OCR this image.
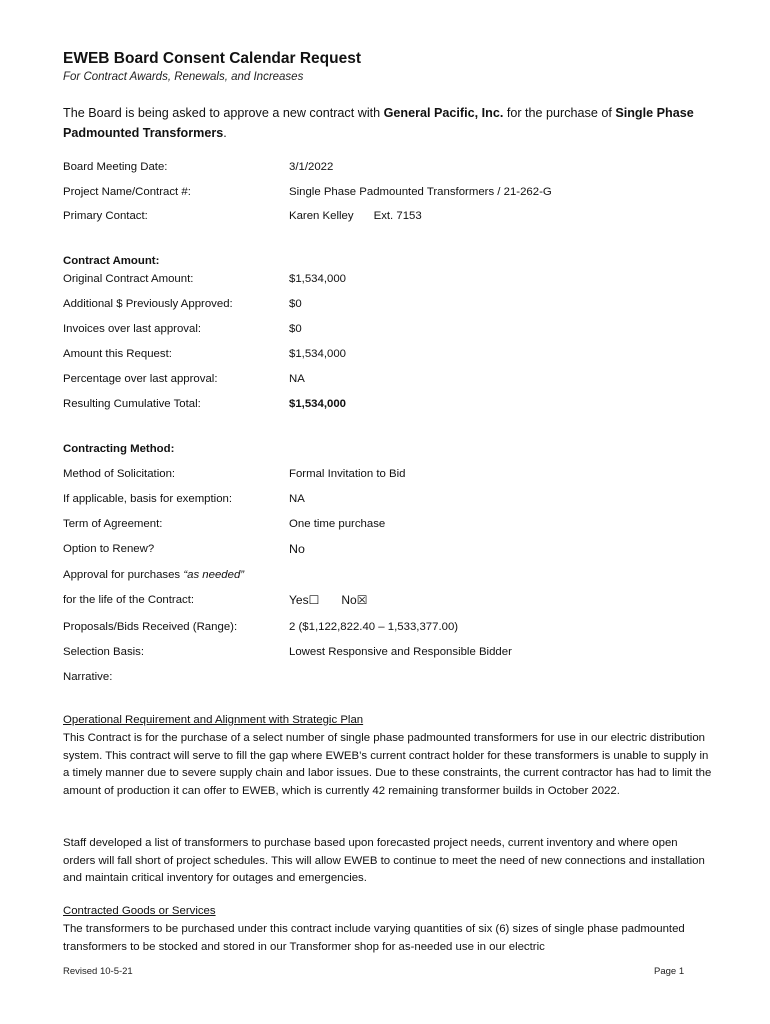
EWEB Board Consent Calendar Request
For Contract Awards, Renewals, and Increases
The Board is being asked to approve a new contract with General Pacific, Inc. for the purchase of Single Phase Padmounted Transformers.
Board Meeting Date:	3/1/2022
Project Name/Contract #:	Single Phase Padmounted Transformers / 21-262-G
Primary Contact:	Karen Kelley Ext. 7153
Contract Amount:
Original Contract Amount:	$1,534,000
Additional $ Previously Approved:	$0
Invoices over last approval:	$0
Amount this Request:	$1,534,000
Percentage over last approval:	NA
Resulting Cumulative Total:	$1,534,000
Contracting Method:
Method of Solicitation:	Formal Invitation to Bid
If applicable, basis for exemption:	NA
Term of Agreement:	One time purchase
Option to Renew?	No
Approval for purchases “as needed”
for the life of the Contract:	Yes☐ No☒
Proposals/Bids Received (Range):	2 ($1,122,822.40 – 1,533,377.00)
Selection Basis:	Lowest Responsive and Responsible Bidder
Narrative:
Operational Requirement and Alignment with Strategic Plan
This Contract is for the purchase of a select number of single phase padmounted transformers for use in our electric distribution system. This contract will serve to fill the gap where EWEB’s current contract holder for these transformers is unable to supply in a timely manner due to severe supply chain and labor issues. Due to these constraints, the current contractor has had to limit the amount of production it can offer to EWEB, which is currently 42 remaining transformer builds in October 2022.
Staff developed a list of transformers to purchase based upon forecasted project needs, current inventory and where open orders will fall short of project schedules. This will allow EWEB to continue to meet the need of new connections and installation and maintain critical inventory for outages and emergencies.
Contracted Goods or Services
The transformers to be purchased under this contract include varying quantities of six (6) sizes of single phase padmounted transformers to be stocked and stored in our Transformer shop for as-needed use in our electric
Revised 10-5-21	Page 1
